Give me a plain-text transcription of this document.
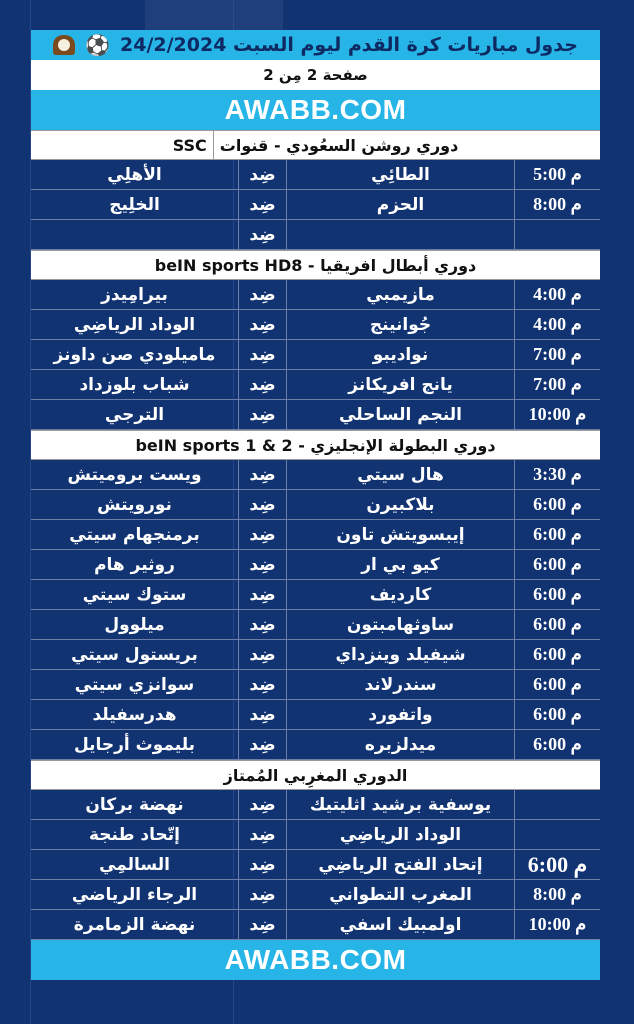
جدول مباريات كرة القدم ليوم السبت 24/2/2024
⚽
صفحة 2 مِن 2
AWABB.COM
دوري روشن السعُودي - قنوات
SSC
م 5:00
الطائِي
ضِد
الأهلِي
م 8:00
الحزم
ضِد
الخلِيج
ضِد
دوري أبطال افريقيا - beIN sports HD8
م 4:00
مازيمبي
ضِد
بيرامِيدز
م 4:00
جُوانينج
ضِد
الوداد الرياضِي
م 7:00
نواديبو
ضِد
ماميلودي صن داونز
م 7:00
يانج افريكانز
ضِد
شباب بلوزداد
م 10:00
النجم الساحلي
ضِد
الترجي
دوري البطولة الإنجليزي - beIN sports 1 & 2
م 3:30
هال سيتي
ضِد
ويست بروميتش
م 6:00
بلاكبيرن
ضِد
نورويتش
م 6:00
إيبسويتش تاون
ضِد
برمنجهام سيتي
م 6:00
كيو بي ار
ضِد
روثير هام
م 6:00
كارديف
ضِد
ستوك سيتي
م 6:00
ساوثهامبتون
ضِد
ميلوول
م 6:00
شيفيلد وينزداي
ضِد
بريستول سيتي
م 6:00
سندرلاند
ضِد
سوانزي سيتي
م 6:00
واتفورد
ضِد
هدرسفيلد
م 6:00
ميدلزبره
ضِد
بليموث أرجايل
الدوري المغرِبي المُمتاز
يوسفية برشيد اثليتيك
ضِد
نهضة بركان
الوداد الرياضِي
ضِد
إتّحاد طنجة
م 6:00
إتحاد الفتح الرياضِي
ضِد
السالمِي
م 8:00
المغرب التطواني
ضِد
الرجاء الرياضي
م 10:00
اولمبيك اسفي
ضِد
نهضة الزمامرة
AWABB.COM
